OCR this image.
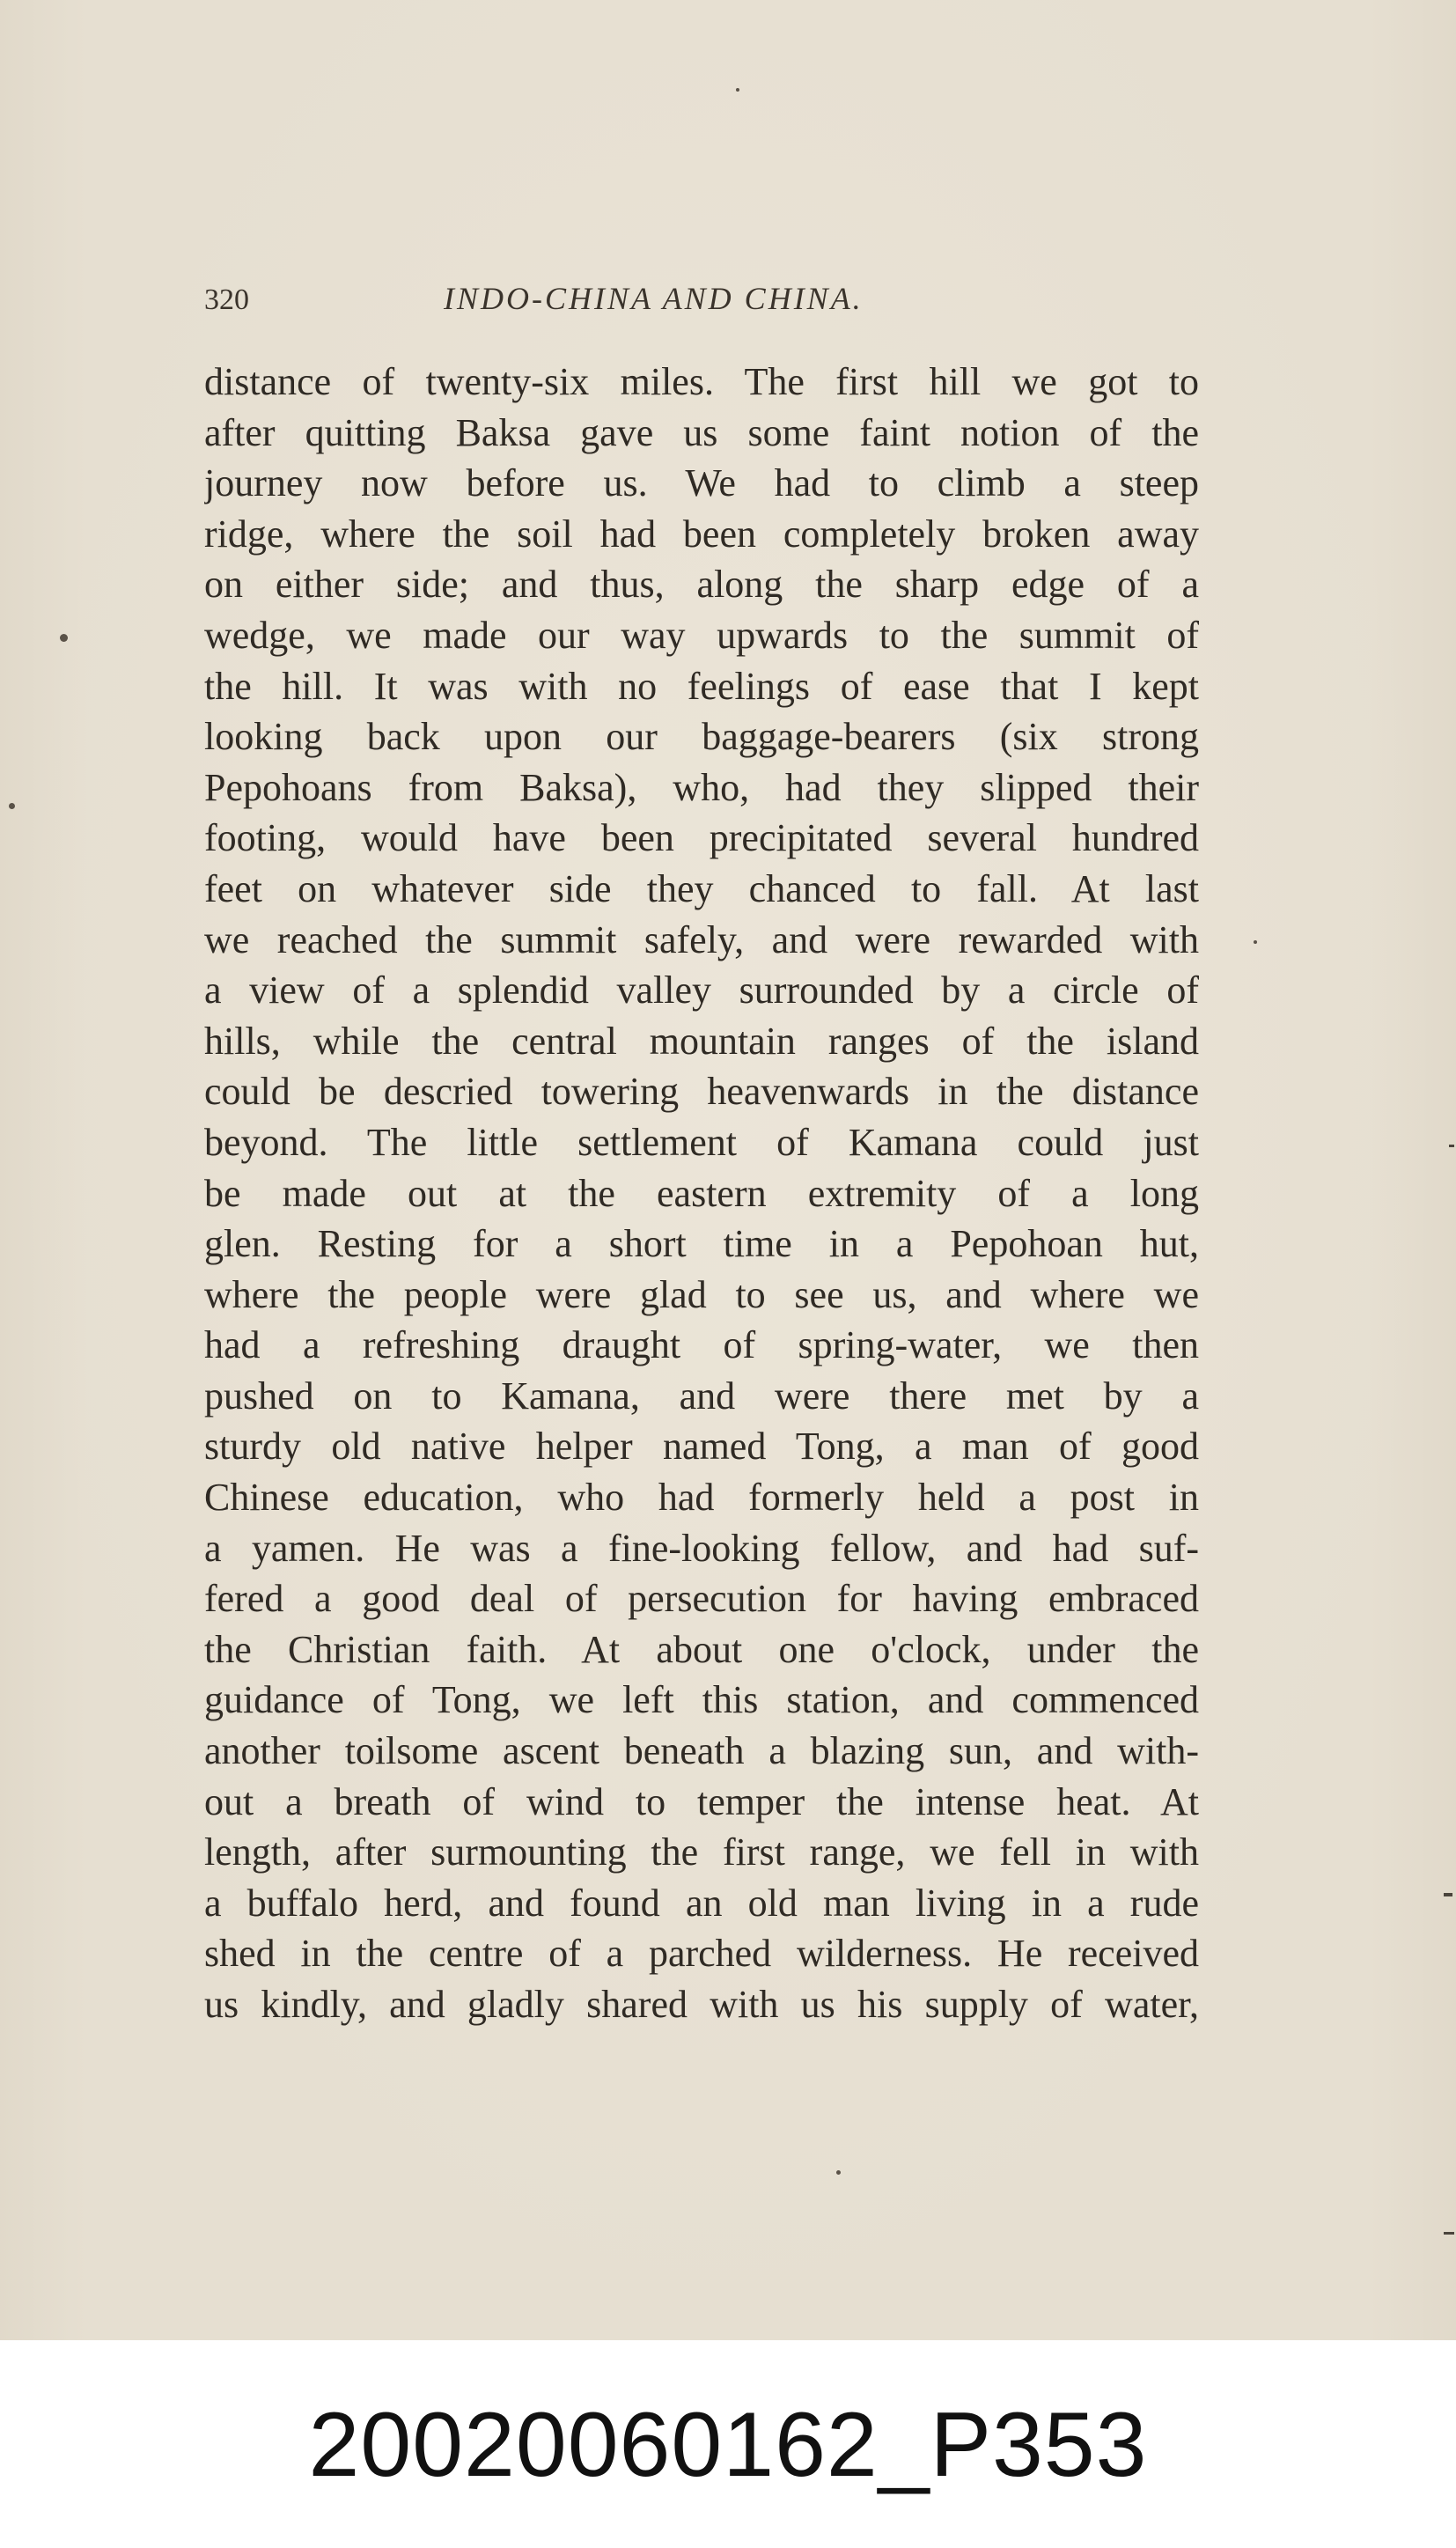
320	INDO-CHINA AND CHINA.
distance of twenty-six miles. The first hill we got to
after quitting Baksa gave us some faint notion of the
journey now before us. We had to climb a steep
ridge, where the soil had been completely broken away
on either side; and thus, along the sharp edge of a
wedge, we made our way upwards to the summit of
the hill. It was with no feelings of ease that I kept
looking back upon our baggage-bearers (six strong
Pepohoans from Baksa), who, had they slipped their
footing, would have been precipitated several hundred
feet on whatever side they chanced to fall. At last
we reached the summit safely, and were rewarded with
a view of a splendid valley surrounded by a circle of
hills, while the central mountain ranges of the island
could be descried towering heavenwards in the distance
beyond. The little settlement of Kamana could just
be made out at the eastern extremity of a long
glen. Resting for a short time in a Pepohoan hut,
where the people were glad to see us, and where we
had a refreshing draught of spring-water, we then
pushed on to Kamana, and were there met by a
sturdy old native helper named Tong, a man of good
Chinese education, who had formerly held a post in
a yamen. He was a fine-looking fellow, and had suf-
fered a good deal of persecution for having embraced
the Christian faith. At about one o'clock, under the
guidance of Tong, we left this station, and commenced
another toilsome ascent beneath a blazing sun, and with-
out a breath of wind to temper the intense heat. At
length, after surmounting the first range, we fell in with
a buffalo herd, and found an old man living in a rude
shed in the centre of a parched wilderness. He received
us kindly, and gladly shared with us his supply of water,
20020060162_P353
